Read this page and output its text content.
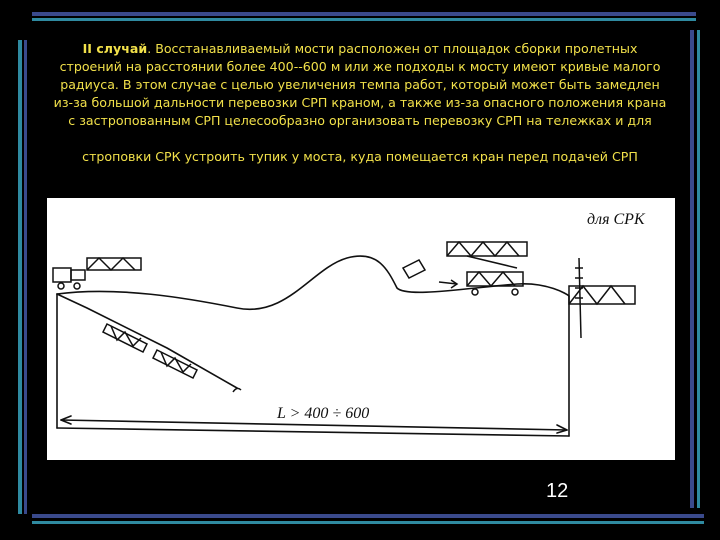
II случай. Восстанавливаемый мости расположен от площадок сборки пролетных строений на расстоянии более 400--600 м или же подходы к мосту имеют кривые малого радиуса. В этом случае с целью увеличения темпа работ, который может быть замедлен из-за большой дальности перевозки СРП краном, а также из-за опасного положения крана с застропованным СРП целесообразно организовать перевозку СРП на тележках и для
строповки СРК устроить тупик у моста, куда помещается кран перед подачей СРП
для СРК
L > 400 ÷ 600
12
